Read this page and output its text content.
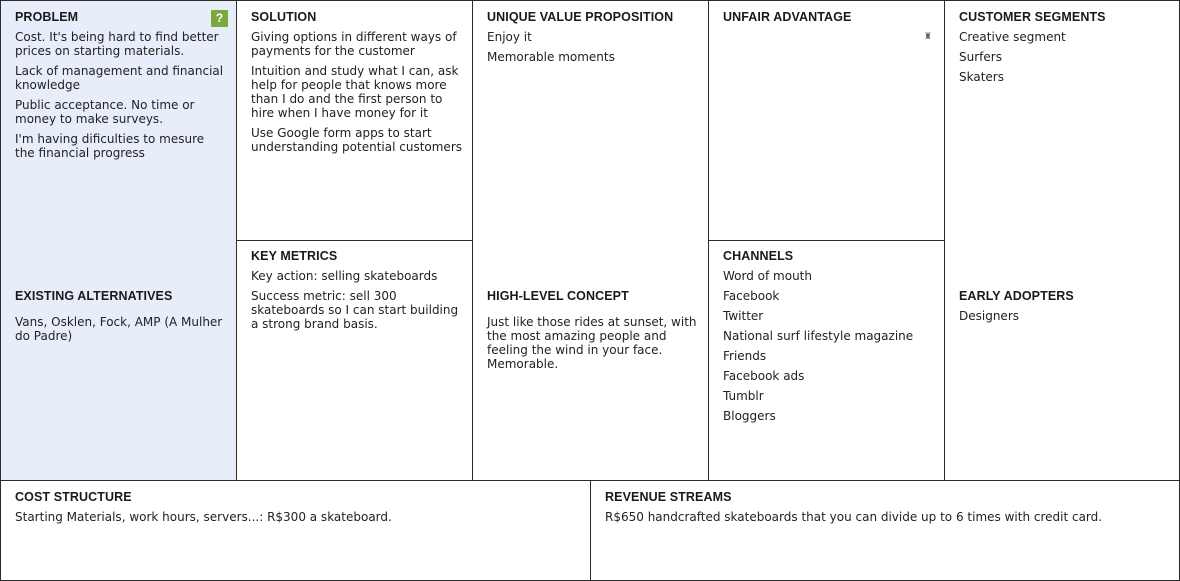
PROBLEM	?
Cost. It's being hard to find better prices on starting materials.
Lack of management and financial knowledge
Public acceptance. No time or money to make surveys.
I'm having dificulties to mesure the financial progress
EXISTING ALTERNATIVES
Vans, Osklen, Fock, AMP (A Mulher do Padre)
SOLUTION
Giving options in different ways of payments for the customer
Intuition and study what I can, ask help for people that knows more than I do and the first person to hire when I have money for it
Use Google form apps to start understanding potential customers
KEY METRICS
Key action: selling skateboards
Success metric: sell 300 skateboards so I can start building a strong brand basis.
UNIQUE VALUE PROPOSITION
Enjoy it
Memorable moments
HIGH-LEVEL CONCEPT
Just like those rides at sunset, with the most amazing people and feeling the wind in your face. Memorable.
UNFAIR ADVANTAGE
♜
CHANNELS
Word of mouth
Facebook
Twitter
National surf lifestyle magazine
Friends
Facebook ads
Tumblr
Bloggers
CUSTOMER SEGMENTS
Creative segment
Surfers
Skaters
EARLY ADOPTERS
Designers
COST STRUCTURE
Starting Materials, work hours, servers...: R$300 a skateboard.
REVENUE STREAMS
R$650 handcrafted skateboards that you can divide up to 6 times with credit card.
